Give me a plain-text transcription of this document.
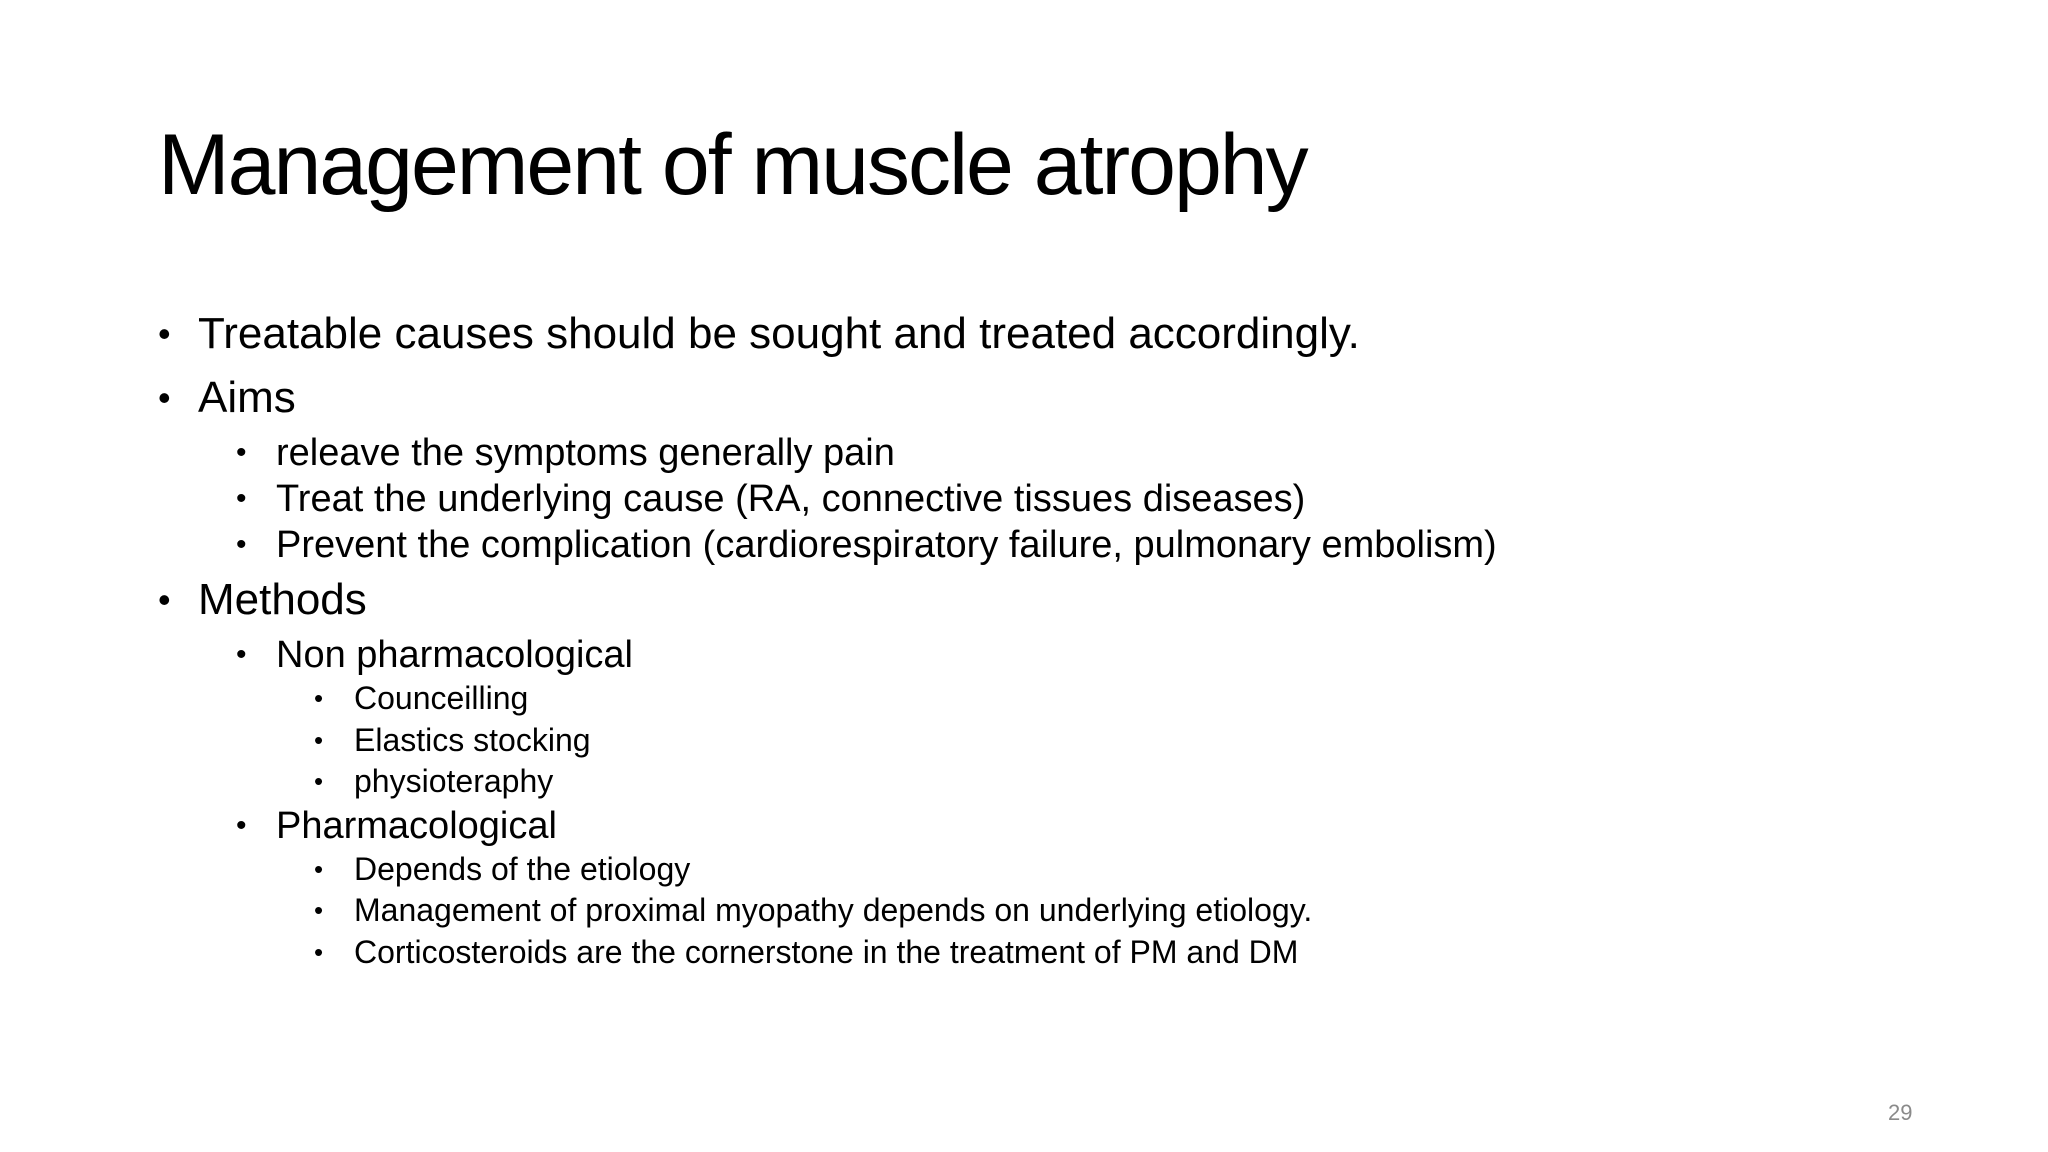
Management of muscle atrophy
• Treatable causes should be sought and treated accordingly.
• Aims
• releave the symptoms generally pain
• Treat the underlying cause (RA, connective tissues diseases)
• Prevent the complication (cardiorespiratory failure, pulmonary embolism)
• Methods
• Non pharmacological
• Counceilling
• Elastics stocking
• physioteraphy
• Pharmacological
• Depends of the etiology
• Management of proximal myopathy depends on underlying etiology.
• Corticosteroids are the cornerstone in the treatment of PM and DM
29
